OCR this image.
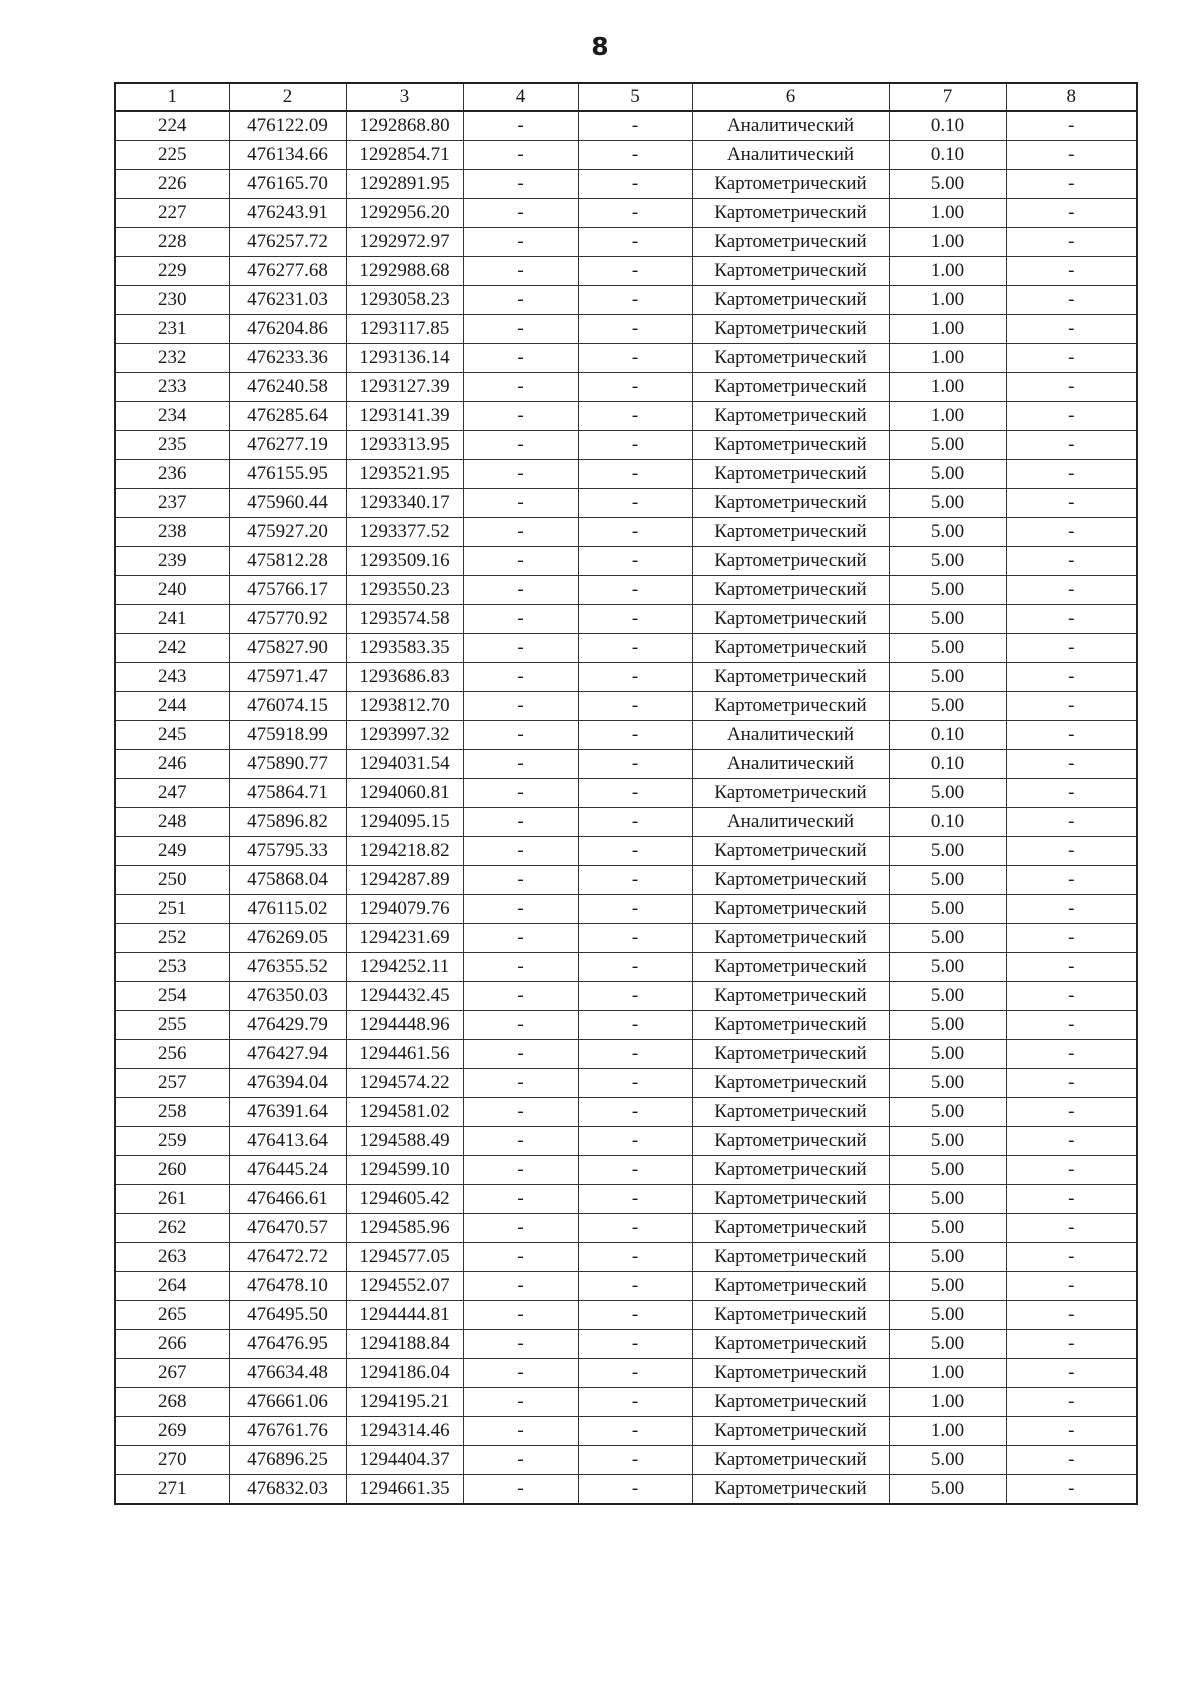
8
1	2	3	4	5	6	7	8
224	476122.09	1292868.80	-	-	Аналитический	0.10	-
225	476134.66	1292854.71	-	-	Аналитический	0.10	-
226	476165.70	1292891.95	-	-	Картометрический	5.00	-
227	476243.91	1292956.20	-	-	Картометрический	1.00	-
228	476257.72	1292972.97	-	-	Картометрический	1.00	-
229	476277.68	1292988.68	-	-	Картометрический	1.00	-
230	476231.03	1293058.23	-	-	Картометрический	1.00	-
231	476204.86	1293117.85	-	-	Картометрический	1.00	-
232	476233.36	1293136.14	-	-	Картометрический	1.00	-
233	476240.58	1293127.39	-	-	Картометрический	1.00	-
234	476285.64	1293141.39	-	-	Картометрический	1.00	-
235	476277.19	1293313.95	-	-	Картометрический	5.00	-
236	476155.95	1293521.95	-	-	Картометрический	5.00	-
237	475960.44	1293340.17	-	-	Картометрический	5.00	-
238	475927.20	1293377.52	-	-	Картометрический	5.00	-
239	475812.28	1293509.16	-	-	Картометрический	5.00	-
240	475766.17	1293550.23	-	-	Картометрический	5.00	-
241	475770.92	1293574.58	-	-	Картометрический	5.00	-
242	475827.90	1293583.35	-	-	Картометрический	5.00	-
243	475971.47	1293686.83	-	-	Картометрический	5.00	-
244	476074.15	1293812.70	-	-	Картометрический	5.00	-
245	475918.99	1293997.32	-	-	Аналитический	0.10	-
246	475890.77	1294031.54	-	-	Аналитический	0.10	-
247	475864.71	1294060.81	-	-	Картометрический	5.00	-
248	475896.82	1294095.15	-	-	Аналитический	0.10	-
249	475795.33	1294218.82	-	-	Картометрический	5.00	-
250	475868.04	1294287.89	-	-	Картометрический	5.00	-
251	476115.02	1294079.76	-	-	Картометрический	5.00	-
252	476269.05	1294231.69	-	-	Картометрический	5.00	-
253	476355.52	1294252.11	-	-	Картометрический	5.00	-
254	476350.03	1294432.45	-	-	Картометрический	5.00	-
255	476429.79	1294448.96	-	-	Картометрический	5.00	-
256	476427.94	1294461.56	-	-	Картометрический	5.00	-
257	476394.04	1294574.22	-	-	Картометрический	5.00	-
258	476391.64	1294581.02	-	-	Картометрический	5.00	-
259	476413.64	1294588.49	-	-	Картометрический	5.00	-
260	476445.24	1294599.10	-	-	Картометрический	5.00	-
261	476466.61	1294605.42	-	-	Картометрический	5.00	-
262	476470.57	1294585.96	-	-	Картометрический	5.00	-
263	476472.72	1294577.05	-	-	Картометрический	5.00	-
264	476478.10	1294552.07	-	-	Картометрический	5.00	-
265	476495.50	1294444.81	-	-	Картометрический	5.00	-
266	476476.95	1294188.84	-	-	Картометрический	5.00	-
267	476634.48	1294186.04	-	-	Картометрический	1.00	-
268	476661.06	1294195.21	-	-	Картометрический	1.00	-
269	476761.76	1294314.46	-	-	Картометрический	1.00	-
270	476896.25	1294404.37	-	-	Картометрический	5.00	-
271	476832.03	1294661.35	-	-	Картометрический	5.00	-
